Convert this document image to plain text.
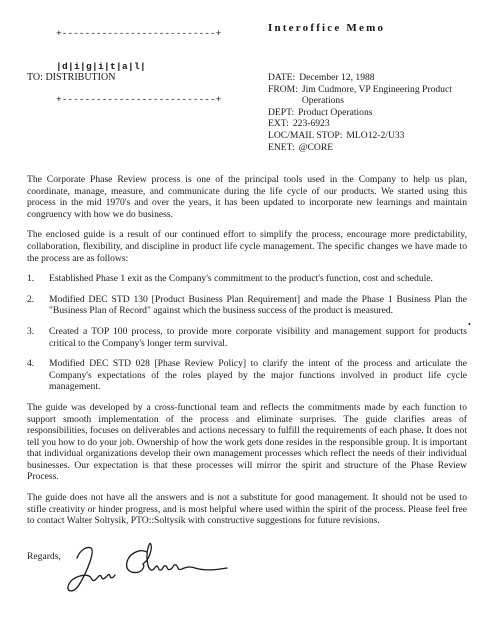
+---------------------------+

|d|i|g|i|t|a|l|

+---------------------------+

Interoffice Memo
TO: DISTRIBUTION	DATE: December 12, 1988
FROM: Jim Cudmore, VP Engineering Product Operations
DEPT: Product Operations
EXT: 223-6923
LOC/MAIL STOP: MLO12-2/U33
ENET: @CORE

The Corporate Phase Review process is one of the principal tools used in the Company to help us plan, coordinate, manage, measure, and communicate during the life cycle of our products. We started using this process in the mid 1970's and over the years, it has been updated to incorporate new learnings and maintain congruency with how we do business.

The enclosed guide is a result of our continued effort to simplify the process, encourage more predictability, collaboration, flexibility, and discipline in product life cycle management. The specific changes we have made to the process are as follows:

1.	Established Phase 1 exit as the Company's commitment to the product's function, cost and schedule.
2.	Modified DEC STD 130 [Product Business Plan Requirement] and made the Phase 1 Business Plan the "Business Plan of Record" against which the business success of the product is measured.
3.	Created a TOP 100 process, to provide more corporate visibility and management support for products critical to the Company's longer term survival.
4.	Modified DEC STD 028 [Phase Review Policy] to clarify the intent of the process and articulate the Company's expectations of the roles played by the major functions involved in product life cycle management.

The guide was developed by a cross-functional team and reflects the commitments made by each function to support smooth implementation of the process and eliminate surprises. The guide clarifies areas of responsibilities, focuses on deliverables and actions necessary to fulfill the requirements of each phase. It does not tell you how to do your job. Ownership of how the work gets done resides in the responsible group. It is important that individual organizations develop their own management processes which reflect the needs of their individual businesses. Our expectation is that these processes will mirror the spirit and structure of the Phase Review Process.

The guide does not have all the answers and is not a substitute for good management. It should not be used to stifle creativity or hinder progress, and is most helpful where used within the spirit of the process. Please feel free to contact Walter Soltysik, PTO::Soltysik with constructive suggestions for future revisions.

Regards,
•
